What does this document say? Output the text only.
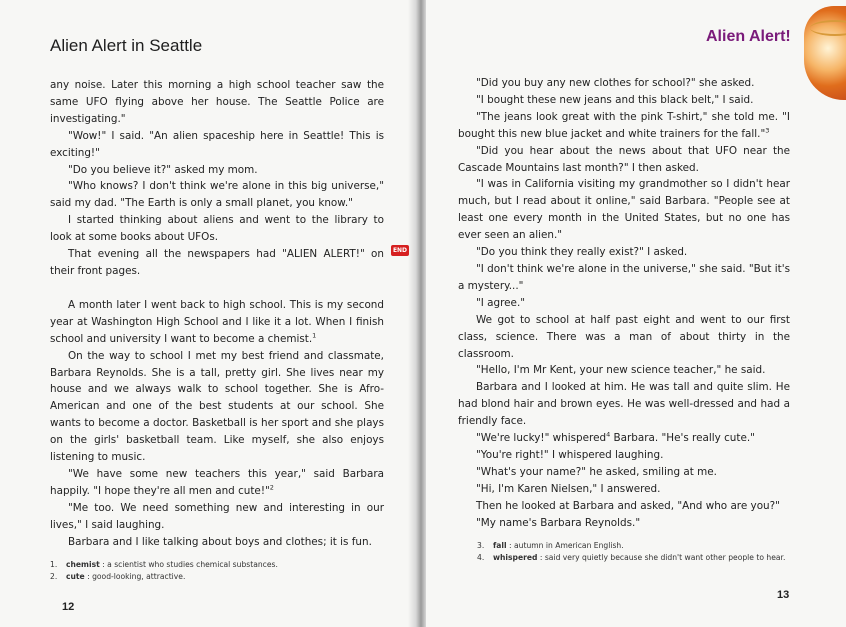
Alien Alert in Seattle	Alien Alert!

any noise. Later this morning a high school teacher saw the same UFO flying above her house. The Seattle Police are investigating."

"Wow!" I said. "An alien spaceship here in Seattle! This is exciting!"

"Do you believe it?" asked my mom.

"Who knows? I don't think we're alone in this big universe," said my dad. "The Earth is only a small planet, you know."

I started thinking about aliens and went to the library to look at some books about UFOs.

That evening all the newspapers had "ALIEN ALERT!" on their front pages.

A month later I went back to high school. This is my second year at Washington High School and I like it a lot. When I finish school and university I want to become a chemist.$^1$

On the way to school I met my best friend and classmate, Barbara Reynolds. She is a tall, pretty girl. She lives near my house and we always walk to school together. She is Afro-American and one of the best students at our school. She wants to become a doctor. Basketball is her sport and she plays on the girls' basketball team. Like myself, she also enjoys listening to music.

"We have some new teachers this year," said Barbara happily. "I hope they're all men and cute!"$^2$

"Me too. We need something new and interesting in our lives," I said laughing.

Barbara and I like talking about boys and clothes; it is fun.

END
1.	chemist : a scientist who studies chemical substances.
2.	cute : good-looking, attractive.
12

"Did you buy any new clothes for school?" she asked.

"I bought these new jeans and this black belt," I said.

"The jeans look great with the pink T-shirt," she told me. "I bought this new blue jacket and white trainers for the fall."$^3$

"Did you hear about the news about that UFO near the Cascade Mountains last month?" I then asked.

"I was in California visiting my grandmother so I didn't hear much, but I read about it online," said Barbara. "People see at least one every month in the United States, but no one has ever seen an alien."

"Do you think they really exist?" I asked.

"I don't think we're alone in the universe," she said. "But it's a mystery..."

"I agree."

We got to school at half past eight and went to our first class, science. There was a man of about thirty in the classroom.

"Hello, I'm Mr Kent, your new science teacher," he said.

Barbara and I looked at him. He was tall and quite slim. He had blond hair and brown eyes. He was well-dressed and had a friendly face.

"We're lucky!" whispered$^4$ Barbara. "He's really cute."

"You're right!" I whispered laughing.

"What's your name?" he asked, smiling at me.

"Hi, I'm Karen Nielsen," I answered.

Then he looked at Barbara and asked, "And who are you?"

"My name's Barbara Reynolds."

3.	fall : autumn in American English.
4.	whispered : said very quietly because she didn't want other people to hear.
13
